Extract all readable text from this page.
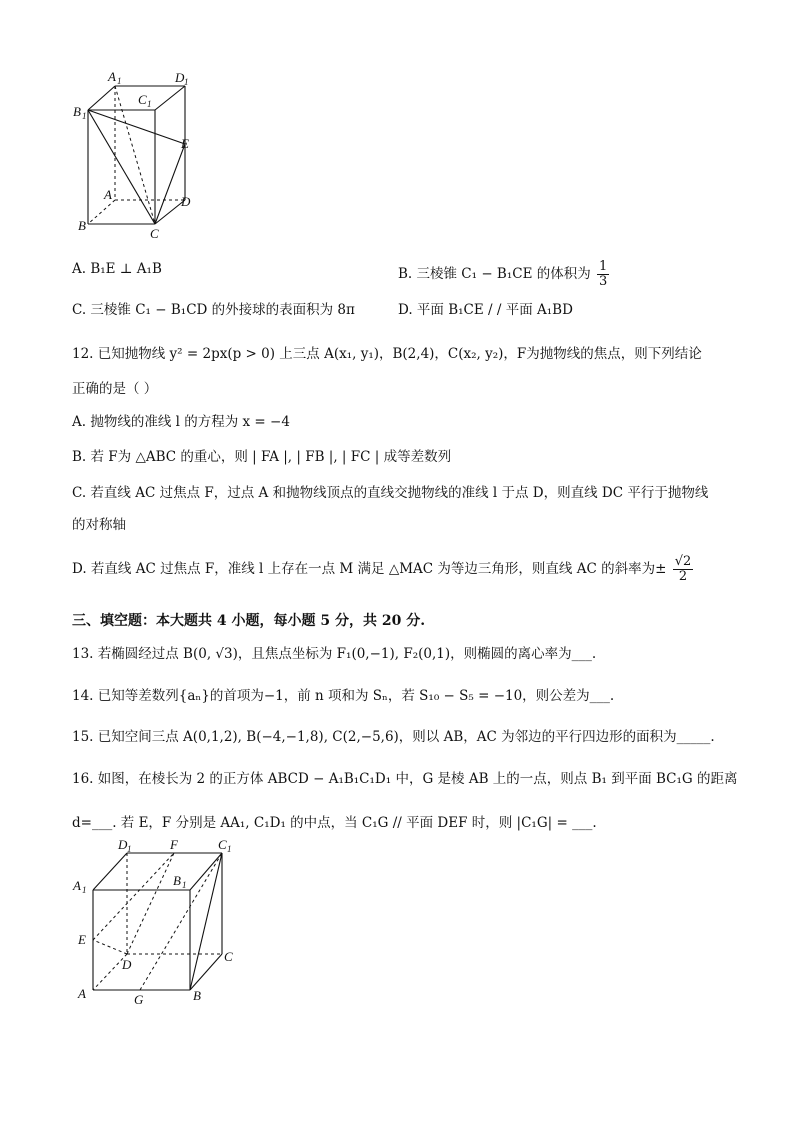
A 1	D 1
C 1
B 1
E
A	D
B
C
A. B₁E ⊥ A₁B	B. 三棱锥 C₁ − B₁CE 的体积为 $\frac{1}{3}$
C. 三棱锥 C₁ − B₁CD 的外接球的表面积为 8π	D. 平面 B₁CE / / 平面 A₁BD
12. 已知抛物线 y² = 2px(p > 0) 上三点 A(x₁, y₁)，B(2,4)，C(x₂, y₂)，F为抛物线的焦点，则下列结论
正确的是（ ）
A. 抛物线的准线 l 的方程为 x = −4
B. 若 F为 △ABC 的重心，则 | FA |, | FB |, | FC | 成等差数列
C. 若直线 AC 过焦点 F，过点 A 和抛物线顶点的直线交抛物线的准线 l 于点 D，则直线 DC 平行于抛物线
的对称轴
D. 若直线 AC 过焦点 F，准线 l 上存在一点 M 满足 △MAC 为等边三角形，则直线 AC 的斜率为± $\frac{√2}{2}$
三、填空题：本大题共 4 小题，每小题 5 分，共 20 分.
13. 若椭圆经过点 B(0, √3)，且焦点坐标为 F₁(0,−1), F₂(0,1)，则椭圆的离心率为___.
14. 已知等差数列{aₙ}的首项为−1，前 n 项和为 Sₙ，若 S₁₀ − S₅ = −10，则公差为___.
15. 已知空间三点 A(0,1,2), B(−4,−1,8), C(2,−5,6)，则以 AB，AC 为邻边的平行四边形的面积为_____.
16. 如图，在棱长为 2 的正方体 ABCD − A₁B₁C₁D₁ 中，G 是棱 AB 上的一点，则点 B₁ 到平面 BC₁G 的距离
d=___. 若 E，F 分别是 AA₁, C₁D₁ 的中点，当 C₁G // 平面 DEF 时，则 |C₁G| = ___.
D 1	F	C 1
A 1
B 1
E
D
C
A	G	B
